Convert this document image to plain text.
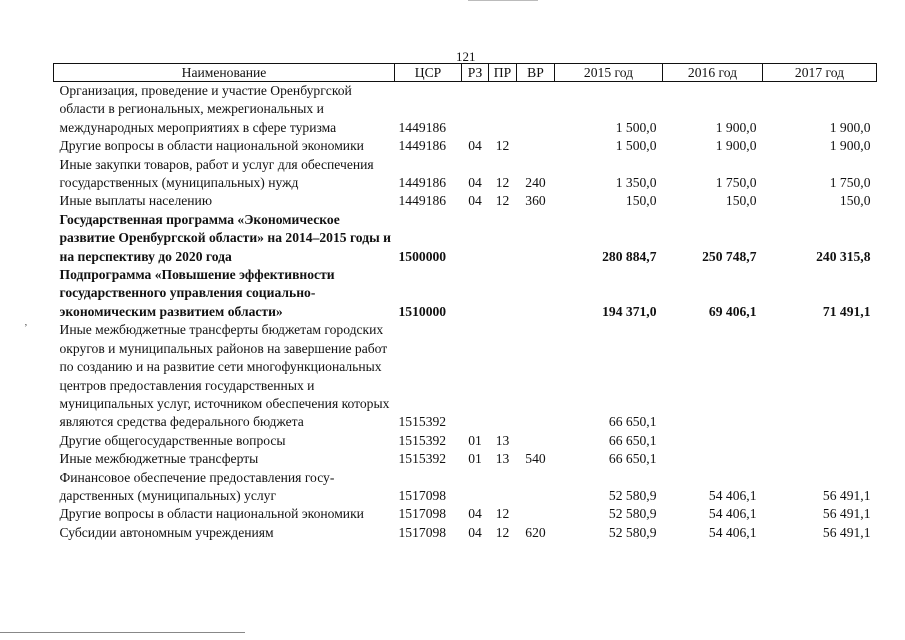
121
Наименование	ЦСР	РЗ	ПР	ВР	2015 год	2016 год	2017 год
Организация, проведение и участие Оренбургской области в региональных, межрегиональных и международных мероприятиях в сфере туризма	1449186				1 500,0	1 900,0	1 900,0
Другие вопросы в области национальной экономики	1449186	04	12		1 500,0	1 900,0	1 900,0
Иные закупки товаров, работ и услуг для обеспечения государственных (муниципальных) нужд	1449186	04	12	240	1 350,0	1 750,0	1 750,0
Иные выплаты населению	1449186	04	12	360	150,0	150,0	150,0
Государственная программа «Экономическое развитие Оренбургской области» на 2014–2015 годы и на перспективу до 2020 года	1500000				280 884,7	250 748,7	240 315,8
Подпрограмма «Повышение эффективности государственного управления социально-экономическим развитием области»	1510000				194 371,0	69 406,1	71 491,1
Иные межбюджетные трансферты бюджетам городских округов и муниципальных районов на завершение работ по созданию и на развитие сети многофункциональных центров предоставления государственных и муниципальных услуг, источником обеспечения которых являются средства федерального бюджета	1515392				66 650,1		
Другие общегосударственные вопросы	1515392	01	13		66 650,1		
Иные межбюджетные трансферты	1515392	01	13	540	66 650,1		
Финансовое обеспечение предоставления государственных (муниципальных) услуг	1517098				52 580,9	54 406,1	56 491,1
Другие вопросы в области национальной экономики	1517098	04	12		52 580,9	54 406,1	56 491,1
Субсидии автономным учреждениям	1517098	04	12	620	52 580,9	54 406,1	56 491,1
‚
